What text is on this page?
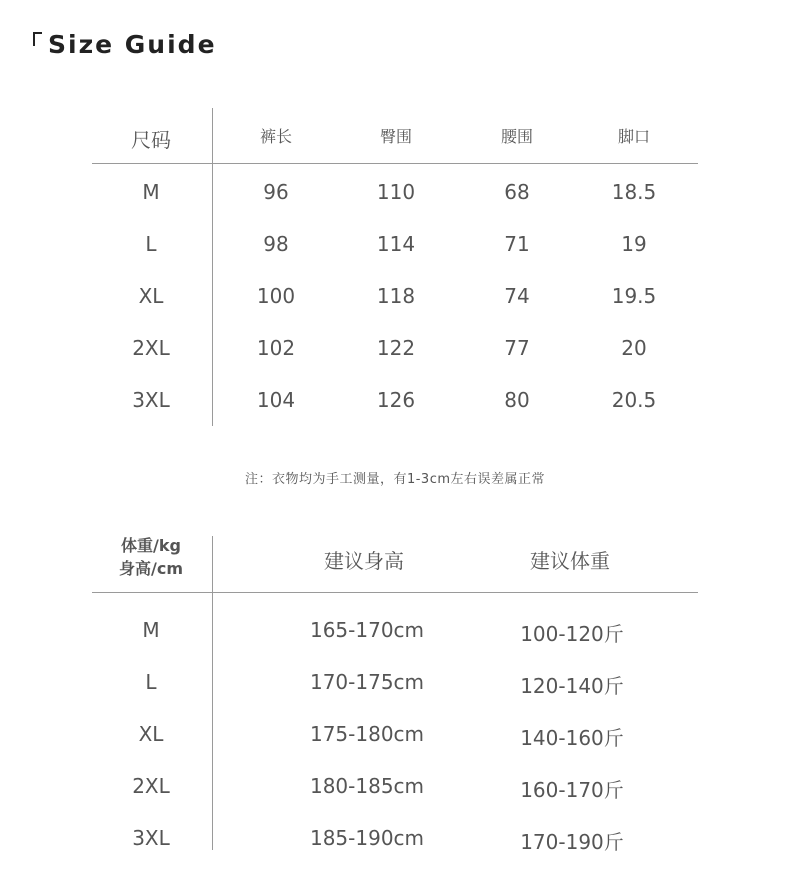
Size Guide
尺码	裤长	臀围	腰围	脚口
M	96	110	68	18.5
L	98	114	71	19
XL	100	118	74	19.5
2XL	102	122	77	20
3XL	104	126	80	20.5
注：衣物均为手工测量，有1-3cm左右误差属正常
体重/kg
身高/cm	建议身高	建议体重
M	165-170cm	100-120斤
L	170-175cm	120-140斤
XL	175-180cm	140-160斤
2XL	180-185cm	160-170斤
3XL	185-190cm	170-190斤
